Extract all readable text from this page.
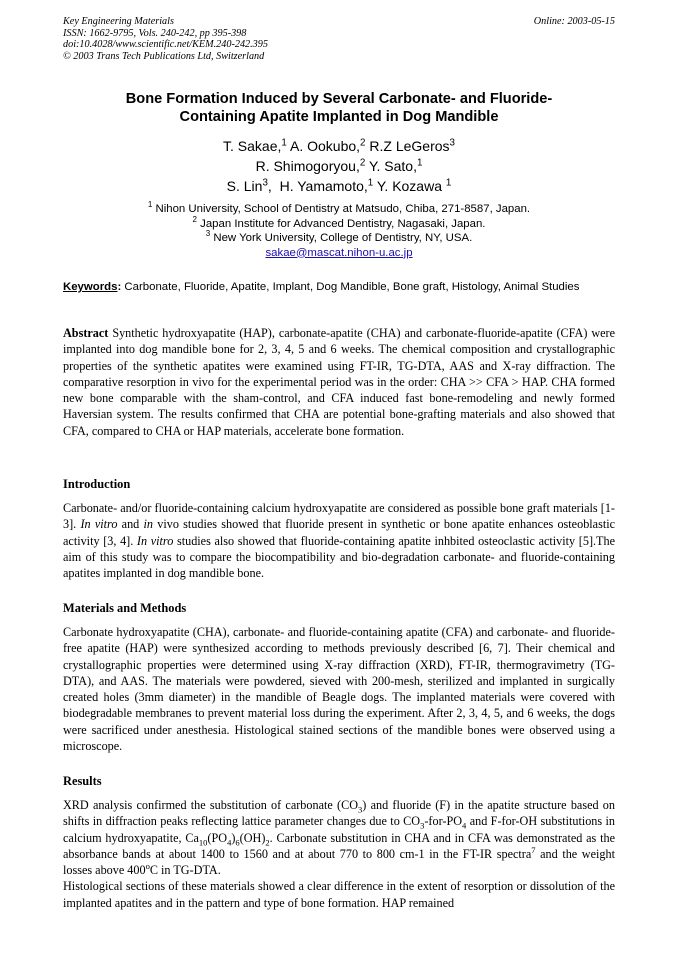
Key Engineering Materials
ISSN: 1662-9795, Vols. 240-242, pp 395-398
doi:10.4028/www.scientific.net/KEM.240-242.395
© 2003 Trans Tech Publications Ltd, Switzerland
Online: 2003-05-15
Bone Formation Induced by Several Carbonate- and Fluoride-
Containing Apatite Implanted in Dog Mandible
T. Sakae,$^1$ A. Ookubo,$^2$ R.Z LeGeros$^3$
R. Shimogoryou,$^2$ Y. Sato,$^1$
S. Lin$^3$,  H. Yamamoto,$^1$ Y. Kozawa $^1$
$^1$ Nihon University, School of Dentistry at Matsudo, Chiba, 271-8587, Japan.
$^2$ Japan Institute for Advanced Dentistry, Nagasaki, Japan.
$^3$ New York University, College of Dentistry, NY, USA.
sakae@mascat.nihon-u.ac.jp
Keywords: Carbonate, Fluoride, Apatite, Implant, Dog Mandible, Bone graft, Histology, Animal Studies

Abstract Synthetic hydroxyapatite (HAP), carbonate-apatite (CHA) and carbonate-fluoride-apatite (CFA) were implanted into dog mandible bone for 2, 3, 4, 5 and 6 weeks. The chemical composition and crystallographic properties of the synthetic apatites were examined using FT-IR, TG-DTA, AAS and X-ray diffraction. The comparative resorption in vivo for the experimental period was in the order: CHA >> CFA > HAP. CHA formed new bone comparable with the sham-control, and CFA induced fast bone-remodeling and newly formed Haversian system. The results confirmed that CHA are potential bone-grafting materials and also showed that CFA, compared to CHA or HAP materials, accelerate bone formation.

Introduction

Carbonate- and/or fluoride-containing calcium hydroxyapatite are considered as possible bone graft materials [1-3]. In vitro and in vivo studies showed that fluoride present in synthetic or bone apatite enhances osteoblastic activity [3, 4]. In vitro studies also showed that fluoride-containing apatite inhbited osteoclastic activity [5].The aim of this study was to compare the biocompatibility and bio-degradation carbonate- and fluoride-containing apatites implanted in dog mandible bone.

Materials and Methods

Carbonate hydroxyapatite (CHA), carbonate- and fluoride-containing apatite (CFA) and carbonate- and fluoride-free apatite (HAP) were synthesized according to methods previously described [6, 7]. Their chemical and crystallographic properties were determined using X-ray diffraction (XRD), FT-IR, thermogravimetry (TG-DTA), and AAS. The materials were powdered, sieved with 200-mesh, sterilized and implanted in surgically created holes (3mm diameter) in the mandible of Beagle dogs. The implanted materials were covered with biodegradable membranes to prevent material loss during the experiment. After 2, 3, 4, 5, and 6 weeks, the dogs were sacrificed under anesthesia. Histological stained sections of the mandible bones were observed using a microscope.

Results

XRD analysis confirmed the substitution of carbonate $(CO_3)$ and fluoride (F) in the apatite structure based on shifts in diffraction peaks reflecting lattice parameter changes due to $CO_3-for-PO_4$ and F-for-OH substitutions in calcium hydroxyapatite, $Ca_{10}(PO_4)_6(OH)_2$. Carbonate substitution in CHA and in CFA was demonstrated as the absorbance bands at about 1400 to 1560 and at about 770 to 800 cm-1 in the FT-IR spectra$^7$ and the weight losses above 400$^o$C in TG-DTA.

Histological sections of these materials showed a clear difference in the extent of resorption or dissolution of the implanted apatites and in the pattern and type of bone formation. HAP remained
